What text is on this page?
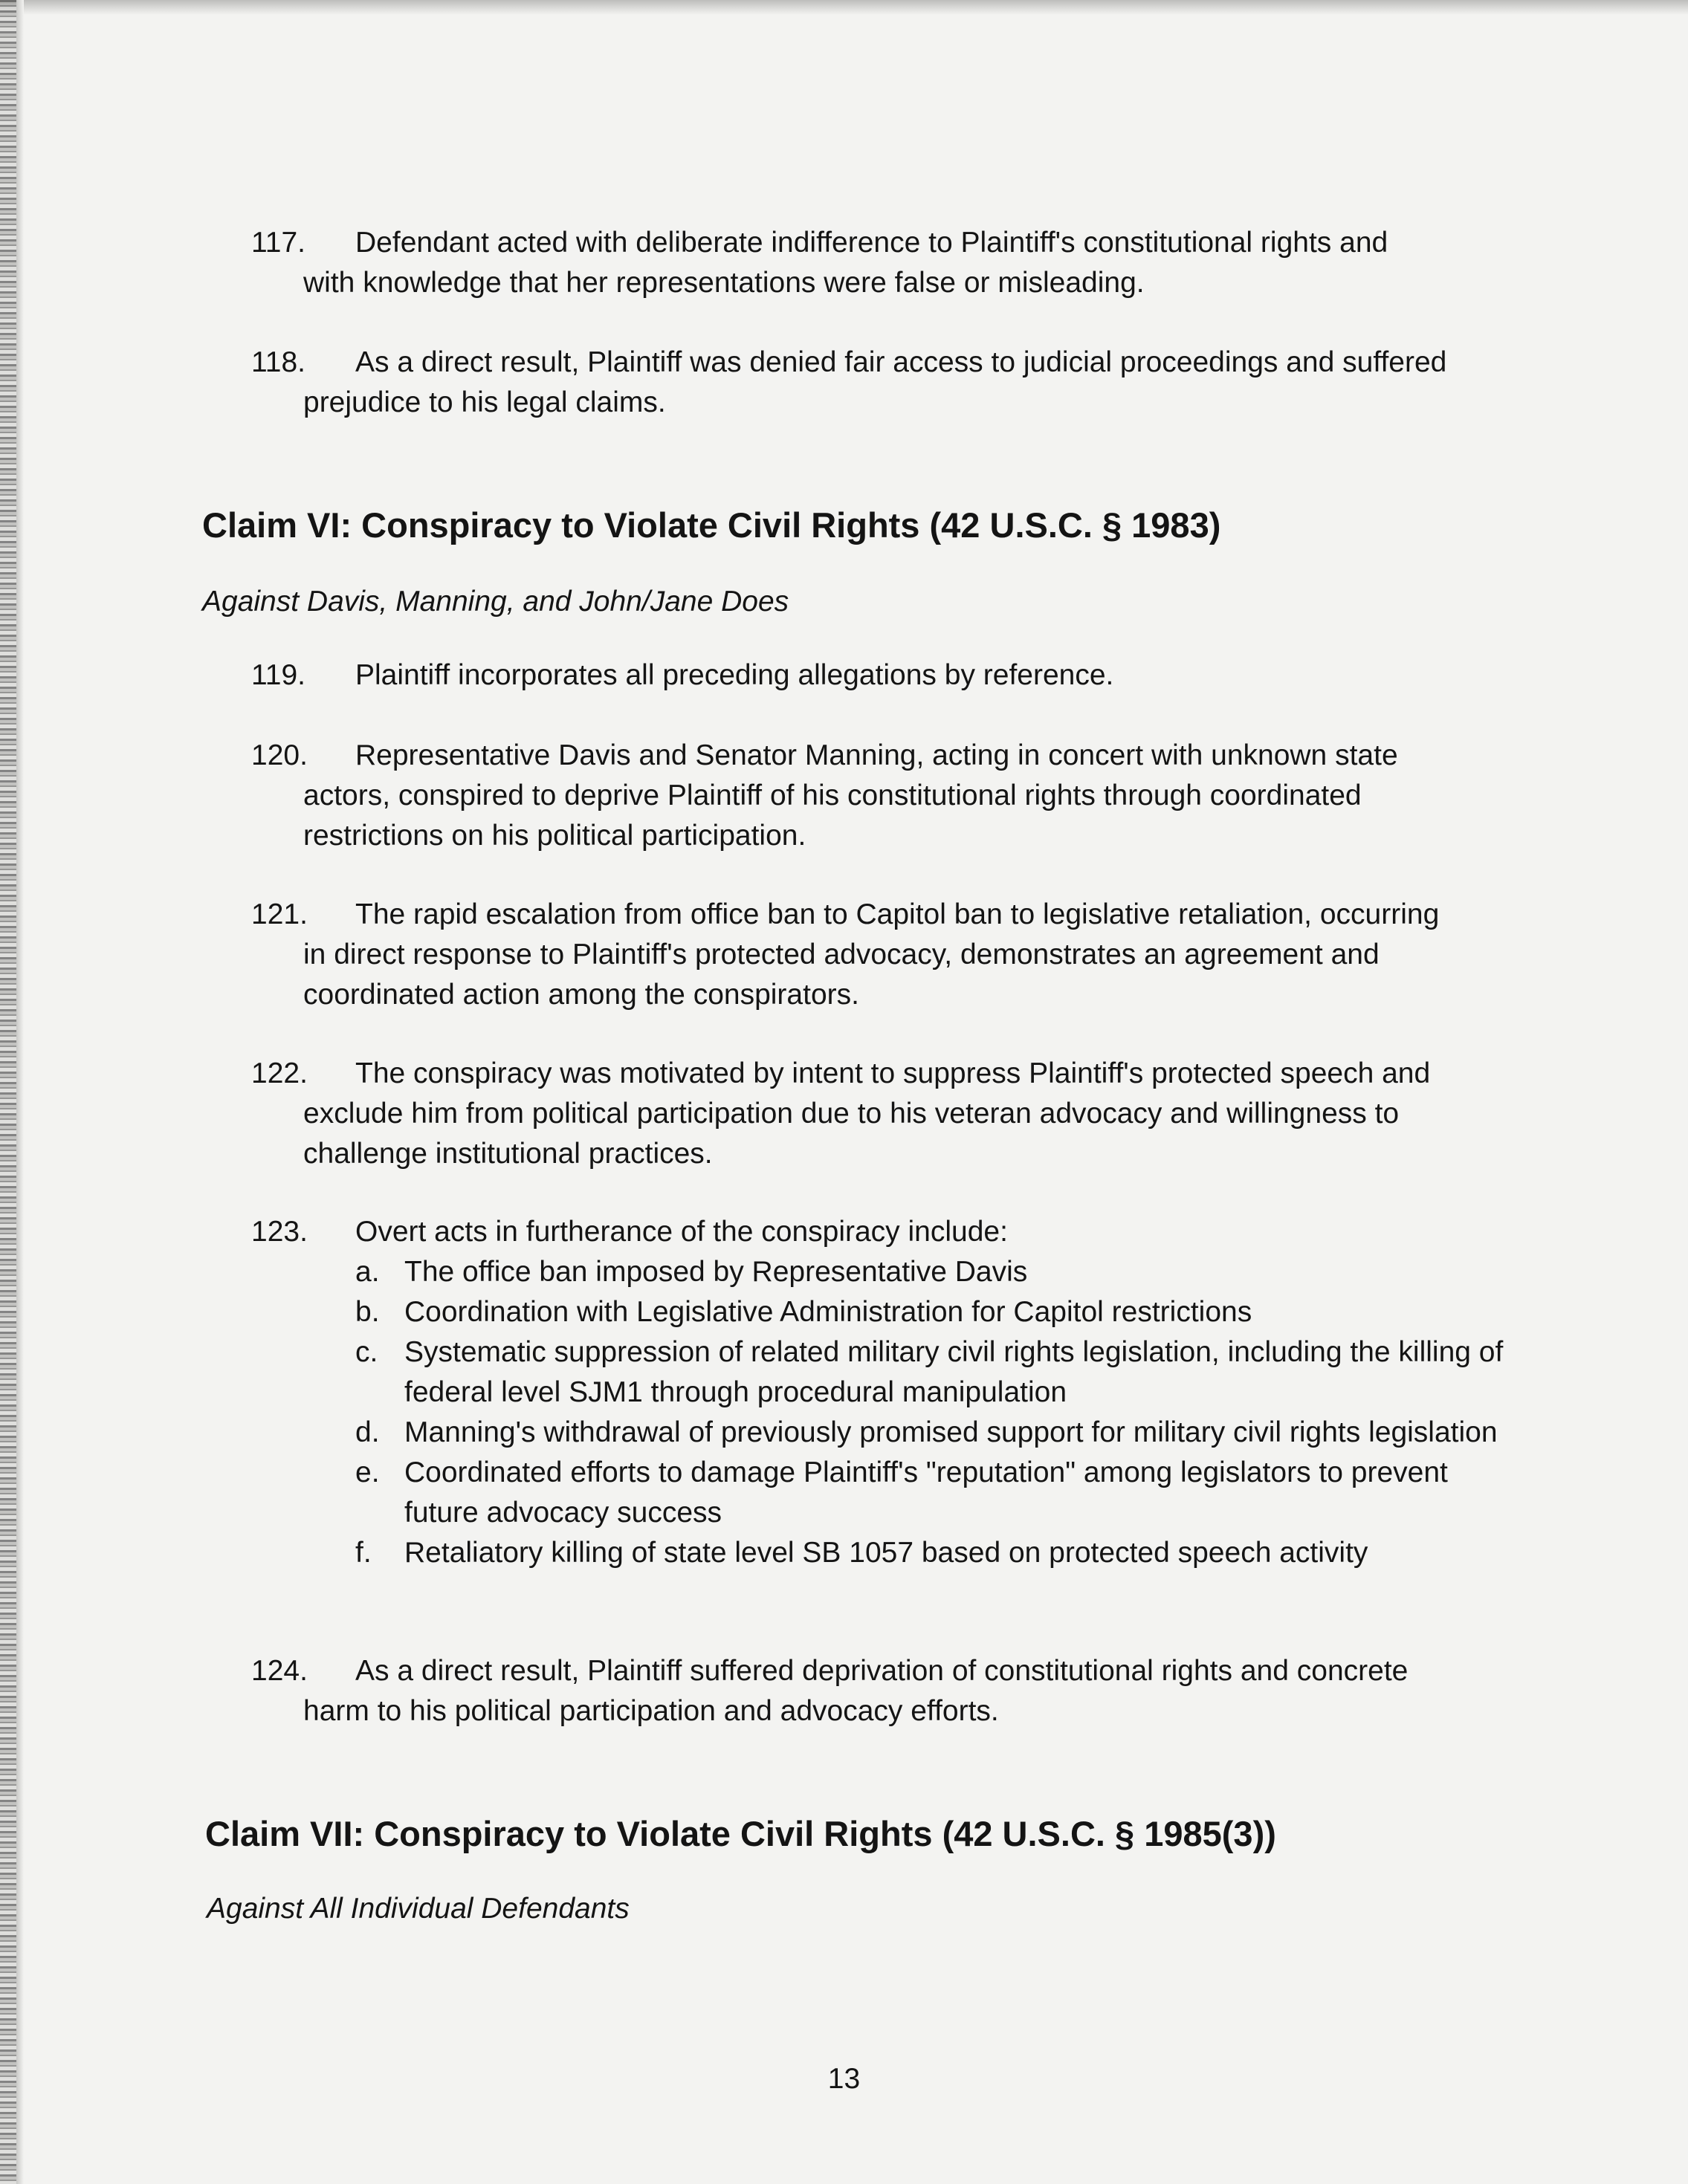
117. Defendant acted with deliberate indifference to Plaintiff's constitutional rights and
with knowledge that her representations were false or misleading.
118. As a direct result, Plaintiff was denied fair access to judicial proceedings and suffered
prejudice to his legal claims.
Claim VI: Conspiracy to Violate Civil Rights (42 U.S.C. § 1983)
Against Davis, Manning, and John/Jane Does
119. Plaintiff incorporates all preceding allegations by reference.
120. Representative Davis and Senator Manning, acting in concert with unknown state
actors, conspired to deprive Plaintiff of his constitutional rights through coordinated restrictions on his political participation.
121. The rapid escalation from office ban to Capitol ban to legislative retaliation, occurring
in direct response to Plaintiff's protected advocacy, demonstrates an agreement and coordinated action among the conspirators.
122. The conspiracy was motivated by intent to suppress Plaintiff's protected speech and
exclude him from political participation due to his veteran advocacy and willingness to challenge institutional practices.
123. Overt acts in furtherance of the conspiracy include:
a. The office ban imposed by Representative Davis
b. Coordination with Legislative Administration for Capitol restrictions
c. Systematic suppression of related military civil rights legislation, including the killing of federal level SJM1 through procedural manipulation
d. Manning's withdrawal of previously promised support for military civil rights legislation
e. Coordinated efforts to damage Plaintiff's "reputation" among legislators to prevent future advocacy success
f. Retaliatory killing of state level SB 1057 based on protected speech activity
124. As a direct result, Plaintiff suffered deprivation of constitutional rights and concrete
harm to his political participation and advocacy efforts.
Claim VII: Conspiracy to Violate Civil Rights (42 U.S.C. § 1985(3))
Against All Individual Defendants
13
